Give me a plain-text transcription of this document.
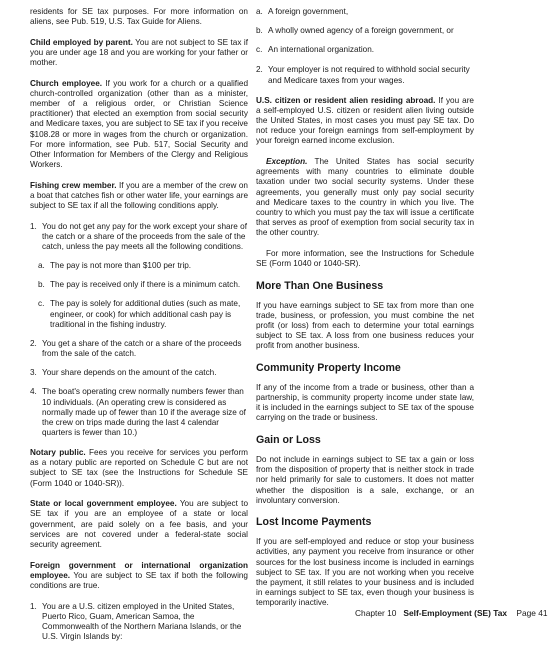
residents for SE tax purposes. For more information on aliens, see Pub. 519, U.S. Tax Guide for Aliens.

Child employed by parent. You are not subject to SE tax if you are under age 18 and you are working for your father or mother.

Church employee. If you work for a church or a qualified church-controlled organization (other than as a minister, member of a religious order, or Christian Science practitioner) that elected an exemption from social security and Medicare taxes, you are subject to SE tax if you receive $108.28 or more in wages from the church or organization. For more information, see Pub. 517, Social Security and Other Information for Members of the Clergy and Religious Workers.

Fishing crew member. If you are a member of the crew on a boat that catches fish or other water life, your earnings are subject to SE tax if all the following conditions apply.

1. You do not get any pay for the work except your share of the catch or a share of the proceeds from the sale of the catch, unless the pay meets all the following conditions.
a. The pay is not more than $100 per trip.
b. The pay is received only if there is a minimum catch.
c. The pay is solely for additional duties (such as mate, engineer, or cook) for which additional cash pay is traditional in the fishing industry.
2. You get a share of the catch or a share of the proceeds from the sale of the catch.
3. Your share depends on the amount of the catch.
4. The boat's operating crew normally numbers fewer than 10 individuals. (An operating crew is considered as normally made up of fewer than 10 if the average size of the crew on trips made during the last 4 calendar quarters is fewer than 10.)

Notary public. Fees you receive for services you perform as a notary public are reported on Schedule C but are not subject to SE tax (see the Instructions for Schedule SE (Form 1040 or 1040-SR)).

State or local government employee. You are subject to SE tax if you are an employee of a state or local government, are paid solely on a fee basis, and your services are not covered under a federal-state social security agreement.

Foreign government or international organization employee. You are subject to SE tax if both the following conditions are true.

1. You are a U.S. citizen employed in the United States, Puerto Rico, Guam, American Samoa, the Commonwealth of the Northern Mariana Islands, or the U.S. Virgin Islands by:
a. A foreign government,
b. A wholly owned agency of a foreign government, or
c. An international organization.
2. Your employer is not required to withhold social security and Medicare taxes from your wages.

U.S. citizen or resident alien residing abroad. If you are a self-employed U.S. citizen or resident alien living outside the United States, in most cases you must pay SE tax. Do not reduce your foreign earnings from self-employment by your foreign earned income exclusion.

Exception. The United States has social security agreements with many countries to eliminate double taxation under two social security systems. Under these agreements, you generally must only pay social security and Medicare taxes to the country in which you live. The country to which you must pay the tax will issue a certificate that serves as proof of exemption from social security tax in the other country.

For more information, see the Instructions for Schedule SE (Form 1040 or 1040-SR).

More Than One Business

If you have earnings subject to SE tax from more than one trade, business, or profession, you must combine the net profit (or loss) from each to determine your total earnings subject to SE tax. A loss from one business reduces your profit from another business.

Community Property Income

If any of the income from a trade or business, other than a partnership, is community property income under state law, it is included in the earnings subject to SE tax of the spouse carrying on the trade or business.

Gain or Loss

Do not include in earnings subject to SE tax a gain or loss from the disposition of property that is neither stock in trade nor held primarily for sale to customers. It does not matter whether the disposition is a sale, exchange, or an involuntary conversion.

Lost Income Payments

If you are self-employed and reduce or stop your business activities, any payment you receive from insurance or other sources for the lost business income is included in earnings subject to SE tax. If you are not working when you receive the payment, it still relates to your business and is included in earnings subject to SE tax, even though your business is temporarily inactive.

Chapter 10 Self-Employment (SE) Tax Page 41
